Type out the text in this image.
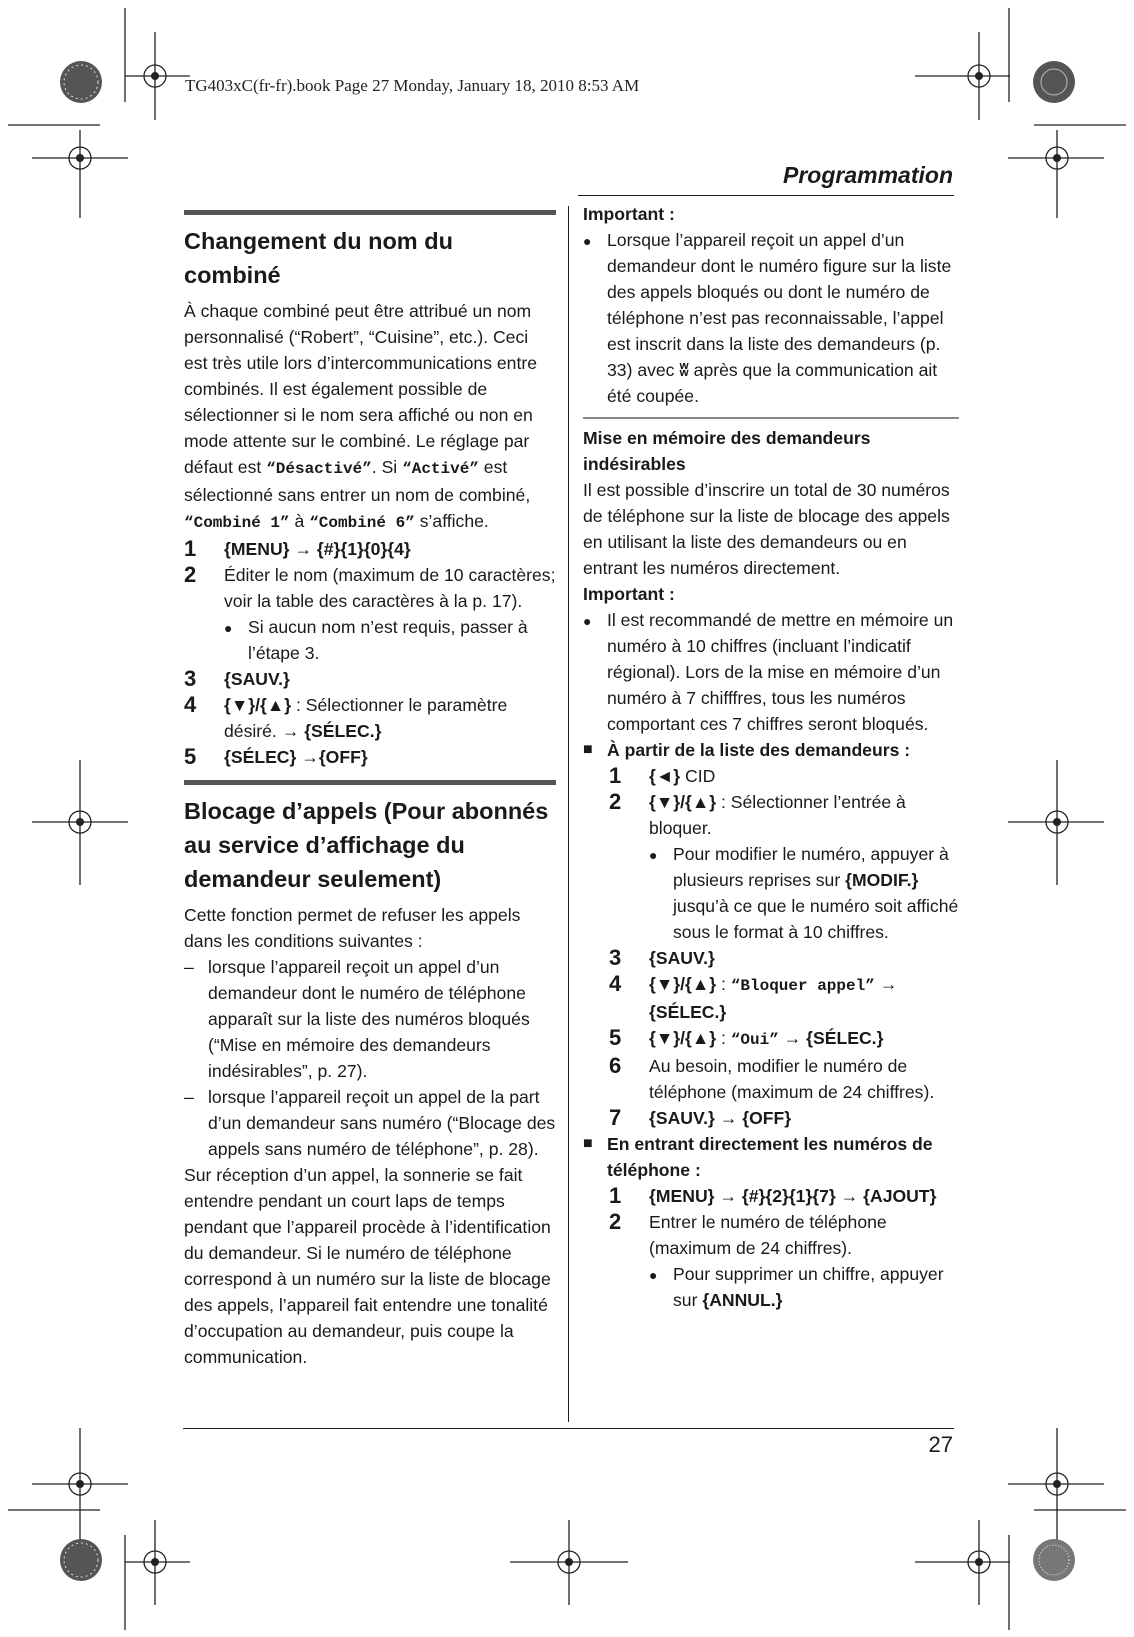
TG403xC(fr-fr).book Page 27 Monday, January 18, 2010 8:53 AM
Programmation
27
Changement du nom du combiné

À chaque combiné peut être attribué un nom personnalisé (“Robert”, “Cuisine”, etc.). Ceci est très utile lors d’intercommunications entre combinés. Il est également possible de sélectionner si le nom sera affiché ou non en mode attente sur le combiné. Le réglage par défaut est “Désactivé”. Si “Activé” est sélectionné sans entrer un nom de combiné, “Combiné 1” à “Combiné 6” s’affiche.

1	{MENU} → {#}{1}{0}{4}
2	Éditer le nom (maximum de 10 caractères; voir la table des caractères à la p. 17).
● Si aucun nom n’est requis, passer à l’étape 3.
3	{SAUV.}
4	{▼}/{▲} : Sélectionner le paramètre désiré. → {SÉLEC.}
5	{SÉLEC} →{OFF}
Blocage d’appels (Pour abonnés au service d’affichage du demandeur seulement)

Cette fonction permet de refuser les appels dans les conditions suivantes :

– lorsque l’appareil reçoit un appel d’un demandeur dont le numéro de téléphone apparaît sur la liste des numéros bloqués (“Mise en mémoire des demandeurs indésirables”, p. 27).
– lorsque l’appareil reçoit un appel de la part d’un demandeur sans numéro (“Blocage des appels sans numéro de téléphone”, p. 28).

Sur réception d’un appel, la sonnerie se fait entendre pendant un court laps de temps pendant que l’appareil procède à l’identification du demandeur. Si le numéro de téléphone correspond à un numéro sur la liste de blocage des appels, l’appareil fait entendre une tonalité d’occupation au demandeur, puis coupe la communication.

Important :
● Lorsque l’appareil reçoit un appel d’un demandeur dont le numéro figure sur la liste des appels bloqués ou dont le numéro de téléphone n’est pas reconnaissable, l’appel est inscrit dans la liste des demandeurs (p. 33) avec ʬ après que la communication ait été coupée.
Mise en mémoire des demandeurs indésirables

Il est possible d’inscrire un total de 30 numéros de téléphone sur la liste de blocage des appels en utilisant la liste des demandeurs ou en entrant les numéros directement.

Important :
● Il est recommandé de mettre en mémoire un numéro à 10 chiffres (incluant l’indicatif régional). Lors de la mise en mémoire d’un numéro à 7 chifffres, tous les numéros comportant ces 7 chiffres seront bloqués.
■ À partir de la liste des demandeurs :
1	{◄} CID
2	{▼}/{▲} : Sélectionner l’entrée à bloquer.
● Pour modifier le numéro, appuyer à plusieurs reprises sur {MODIF.} jusqu’à ce que le numéro soit affiché sous le format à 10 chiffres.
3	{SAUV.}
4	{▼}/{▲} : “Bloquer appel” → {SÉLEC.}
5	{▼}/{▲} : “Oui” → {SÉLEC.}
6	Au besoin, modifier le numéro de téléphone (maximum de 24 chiffres).
7	{SAUV.} → {OFF}
■ En entrant directement les numéros de téléphone :
1	{MENU} → {#}{2}{1}{7} → {AJOUT}
2	Entrer le numéro de téléphone (maximum de 24 chiffres).
● Pour supprimer un chiffre, appuyer sur {ANNUL.}
